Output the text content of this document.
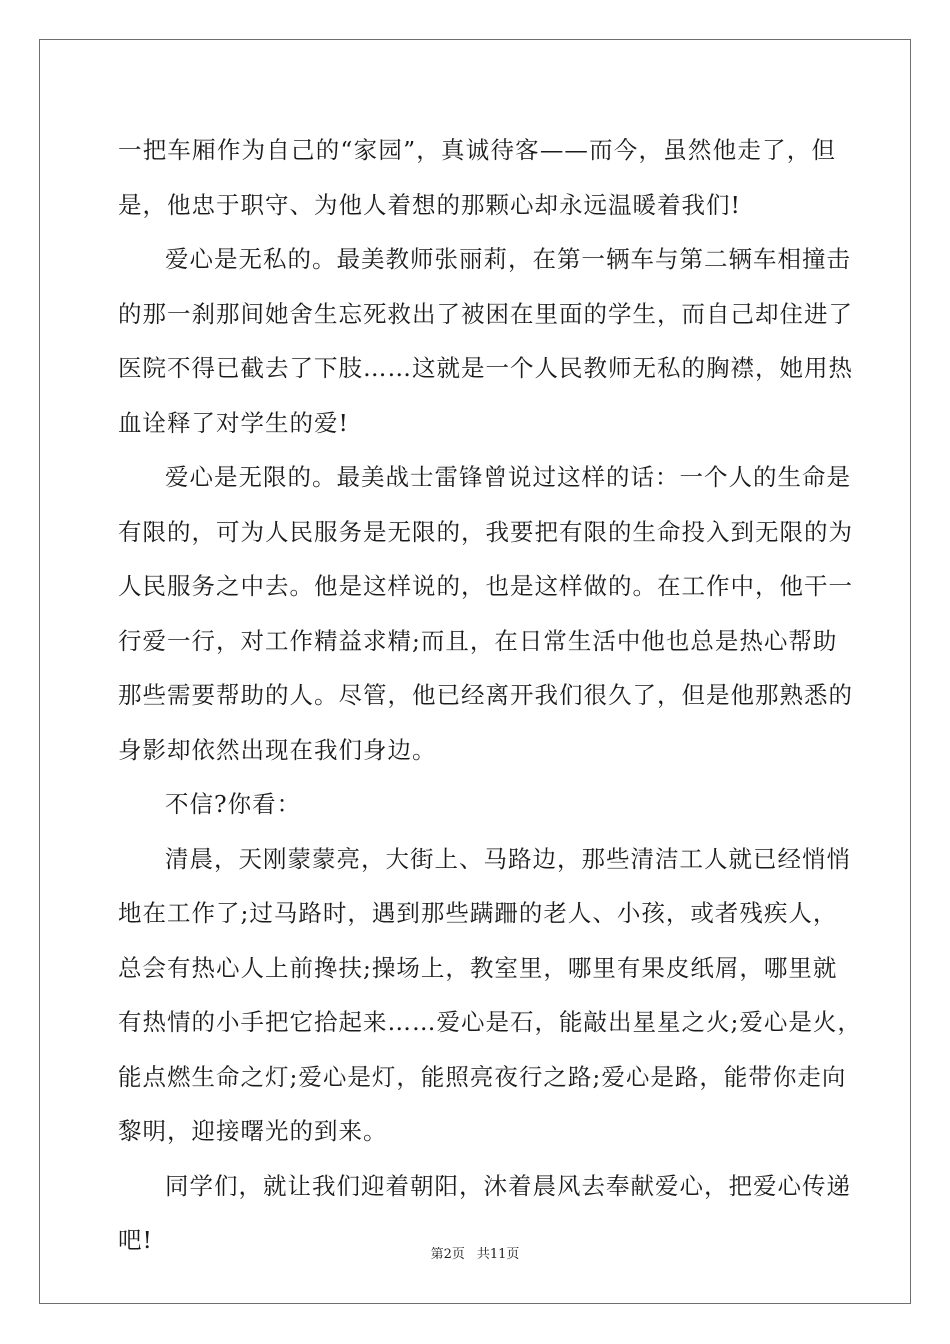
一把车厢作为自己的“家园”，真诚待客——而今，虽然他走了，但
是，他忠于职守、为他人着想的那颗心却永远温暖着我们!
爱心是无私的。最美教师张丽莉，在第一辆车与第二辆车相撞击
的那一刹那间她舍生忘死救出了被困在里面的学生，而自己却住进了
医院不得已截去了下肢……这就是一个人民教师无私的胸襟，她用热
血诠释了对学生的爱!
爱心是无限的。最美战士雷锋曾说过这样的话：一个人的生命是
有限的，可为人民服务是无限的，我要把有限的生命投入到无限的为
人民服务之中去。他是这样说的，也是这样做的。在工作中，他干一
行爱一行，对工作精益求精;而且，在日常生活中他也总是热心帮助
那些需要帮助的人。尽管，他已经离开我们很久了，但是他那熟悉的
身影却依然出现在我们身边。
不信?你看：
清晨，天刚蒙蒙亮，大街上、马路边，那些清洁工人就已经悄悄
地在工作了;过马路时，遇到那些蹒跚的老人、小孩，或者残疾人，
总会有热心人上前搀扶;操场上，教室里，哪里有果皮纸屑，哪里就
有热情的小手把它拾起来……爱心是石，能敲出星星之火;爱心是火，
能点燃生命之灯;爱心是灯，能照亮夜行之路;爱心是路，能带你走向
黎明，迎接曙光的到来。
同学们，就让我们迎着朝阳，沐着晨风去奉献爱心，把爱心传递
吧!
第2页 共11页
